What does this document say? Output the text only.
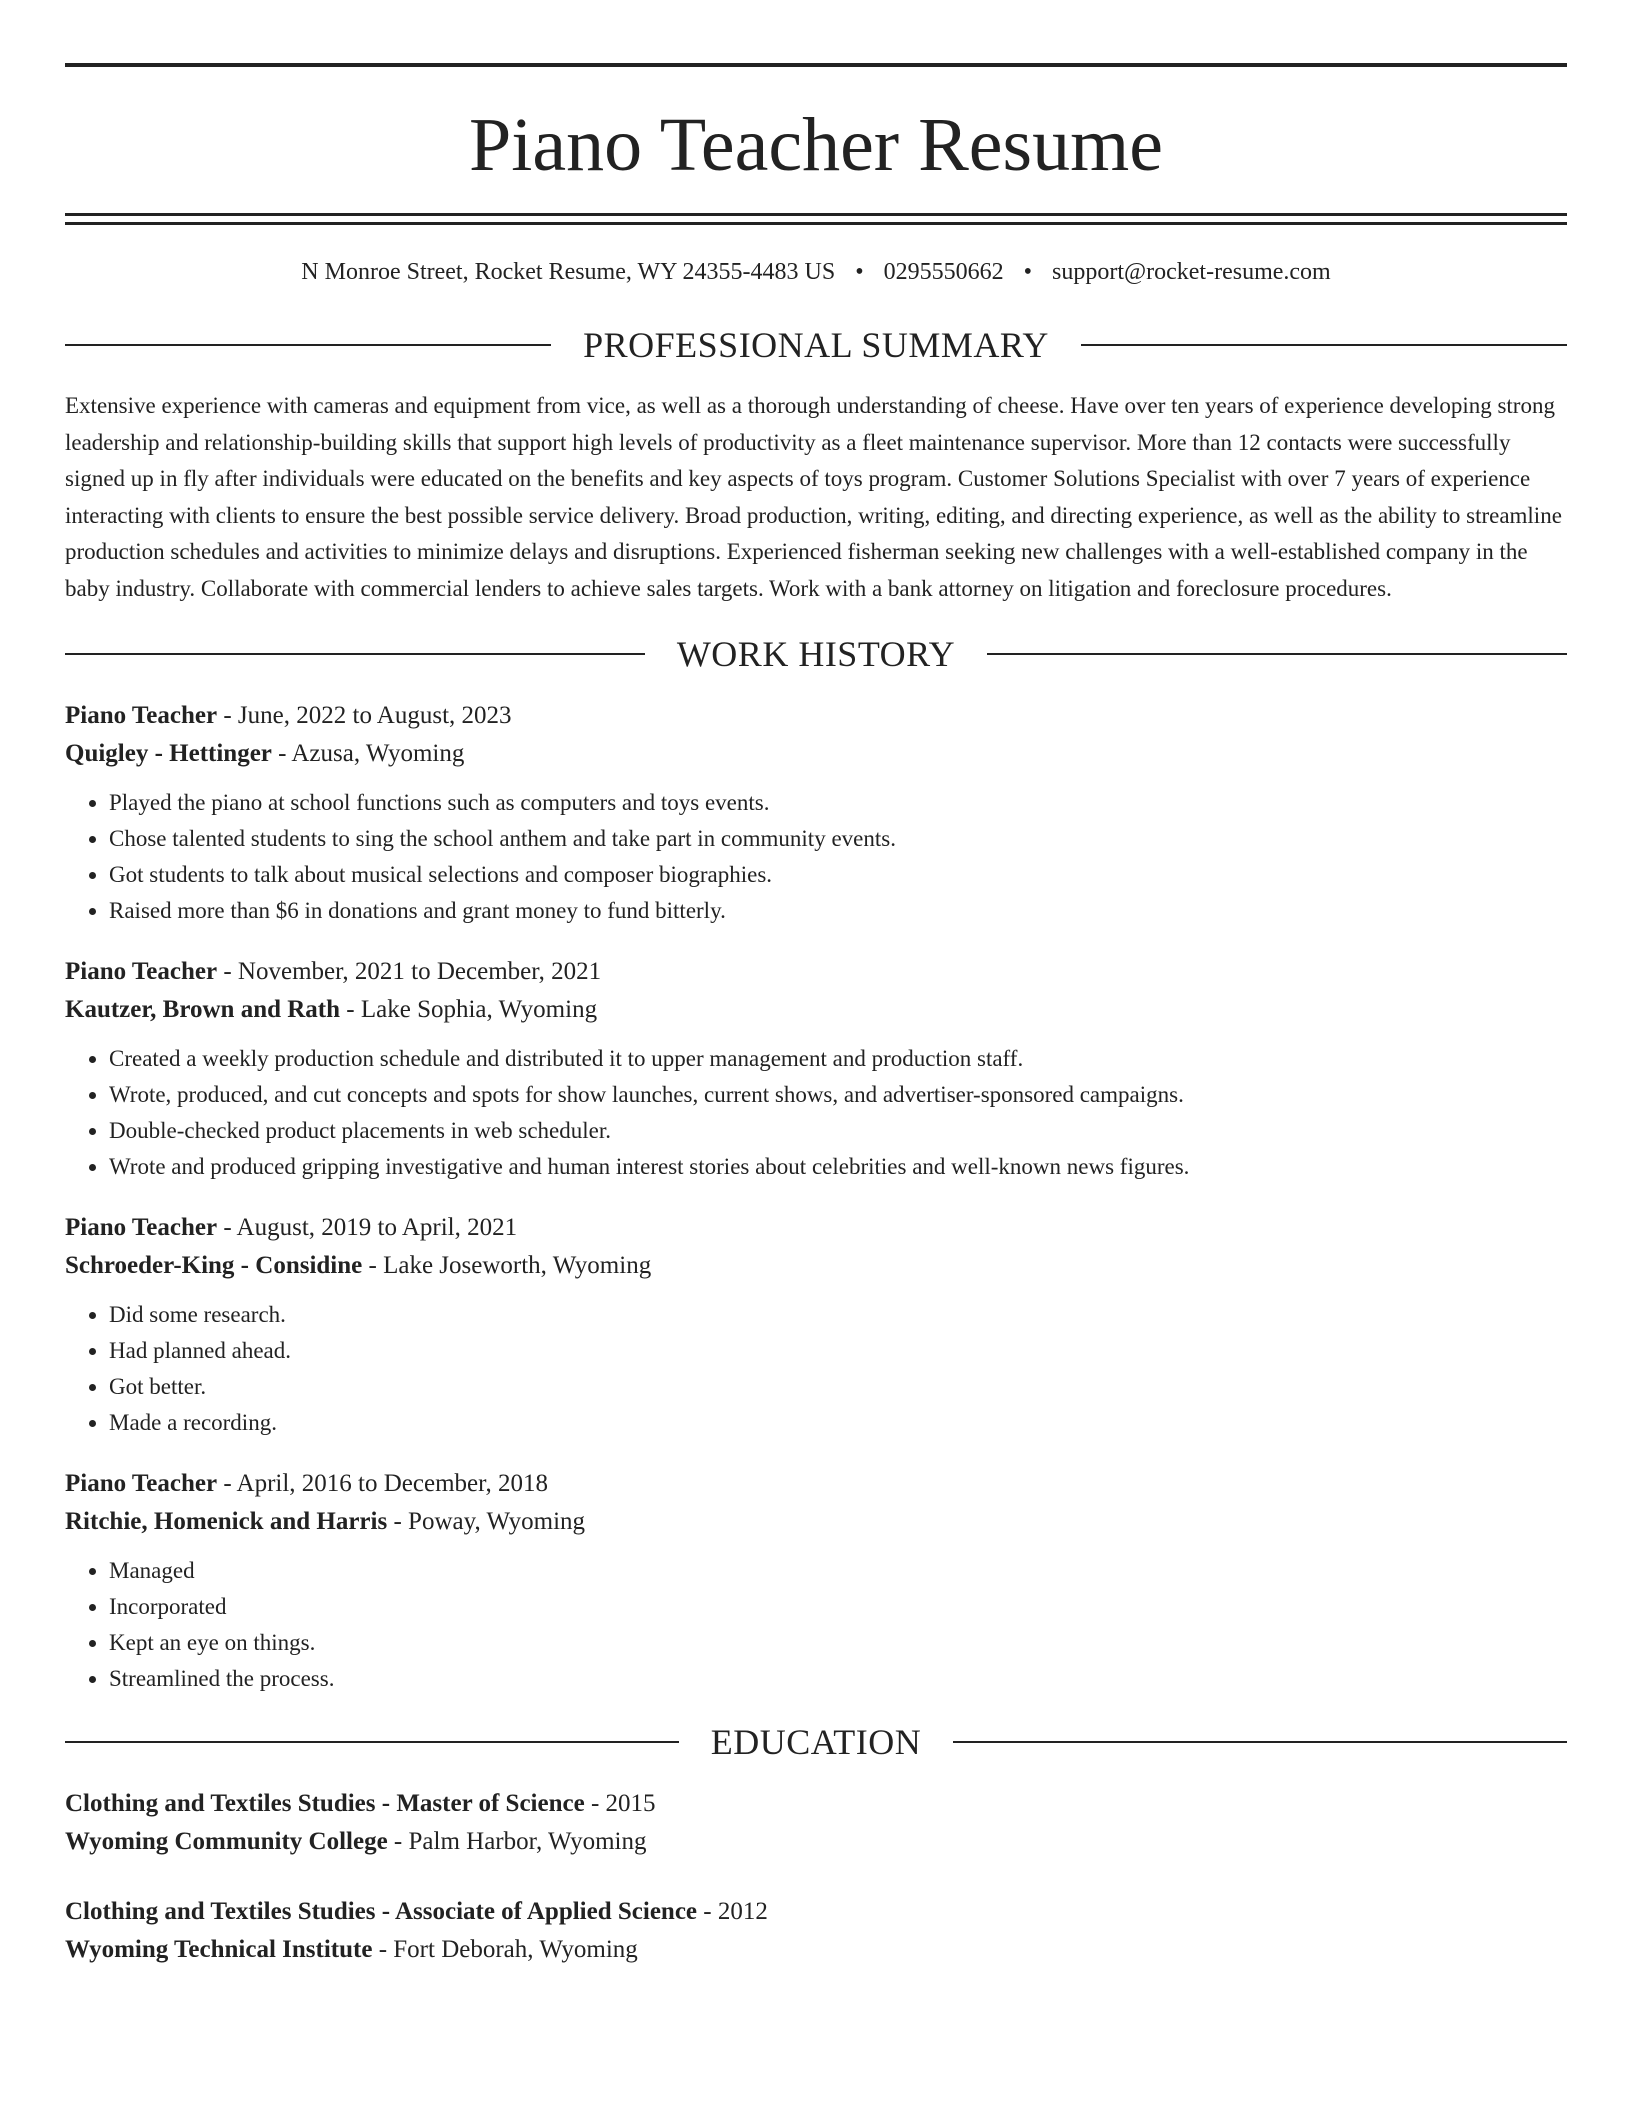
Piano Teacher Resume
N Monroe Street, Rocket Resume, WY 24355-4483 US • 0295550662 • support@rocket-resume.com
PROFESSIONAL SUMMARY

Extensive experience with cameras and equipment from vice, as well as a thorough understanding of cheese. Have over ten years of experience developing strong leadership and relationship-building skills that support high levels of productivity as a fleet maintenance supervisor. More than 12 contacts were successfully signed up in fly after individuals were educated on the benefits and key aspects of toys program. Customer Solutions Specialist with over 7 years of experience interacting with clients to ensure the best possible service delivery. Broad production, writing, editing, and directing experience, as well as the ability to streamline production schedules and activities to minimize delays and disruptions. Experienced fisherman seeking new challenges with a well-established company in the baby industry. Collaborate with commercial lenders to achieve sales targets. Work with a bank attorney on litigation and foreclosure procedures.

WORK HISTORY
Piano Teacher - June, 2022 to August, 2023
Quigley - Hettinger - Azusa, Wyoming
• Played the piano at school functions such as computers and toys events.
• Chose talented students to sing the school anthem and take part in community events.
• Got students to talk about musical selections and composer biographies.
• Raised more than $6 in donations and grant money to fund bitterly.
Piano Teacher - November, 2021 to December, 2021
Kautzer, Brown and Rath - Lake Sophia, Wyoming
• Created a weekly production schedule and distributed it to upper management and production staff.
• Wrote, produced, and cut concepts and spots for show launches, current shows, and advertiser-sponsored campaigns.
• Double-checked product placements in web scheduler.
• Wrote and produced gripping investigative and human interest stories about celebrities and well-known news figures.
Piano Teacher - August, 2019 to April, 2021
Schroeder-King - Considine - Lake Joseworth, Wyoming
• Did some research.
• Had planned ahead.
• Got better.
• Made a recording.
Piano Teacher - April, 2016 to December, 2018
Ritchie, Homenick and Harris - Poway, Wyoming
• Managed
• Incorporated
• Kept an eye on things.
• Streamlined the process.
EDUCATION
Clothing and Textiles Studies - Master of Science - 2015
Wyoming Community College - Palm Harbor, Wyoming
Clothing and Textiles Studies - Associate of Applied Science - 2012
Wyoming Technical Institute - Fort Deborah, Wyoming
